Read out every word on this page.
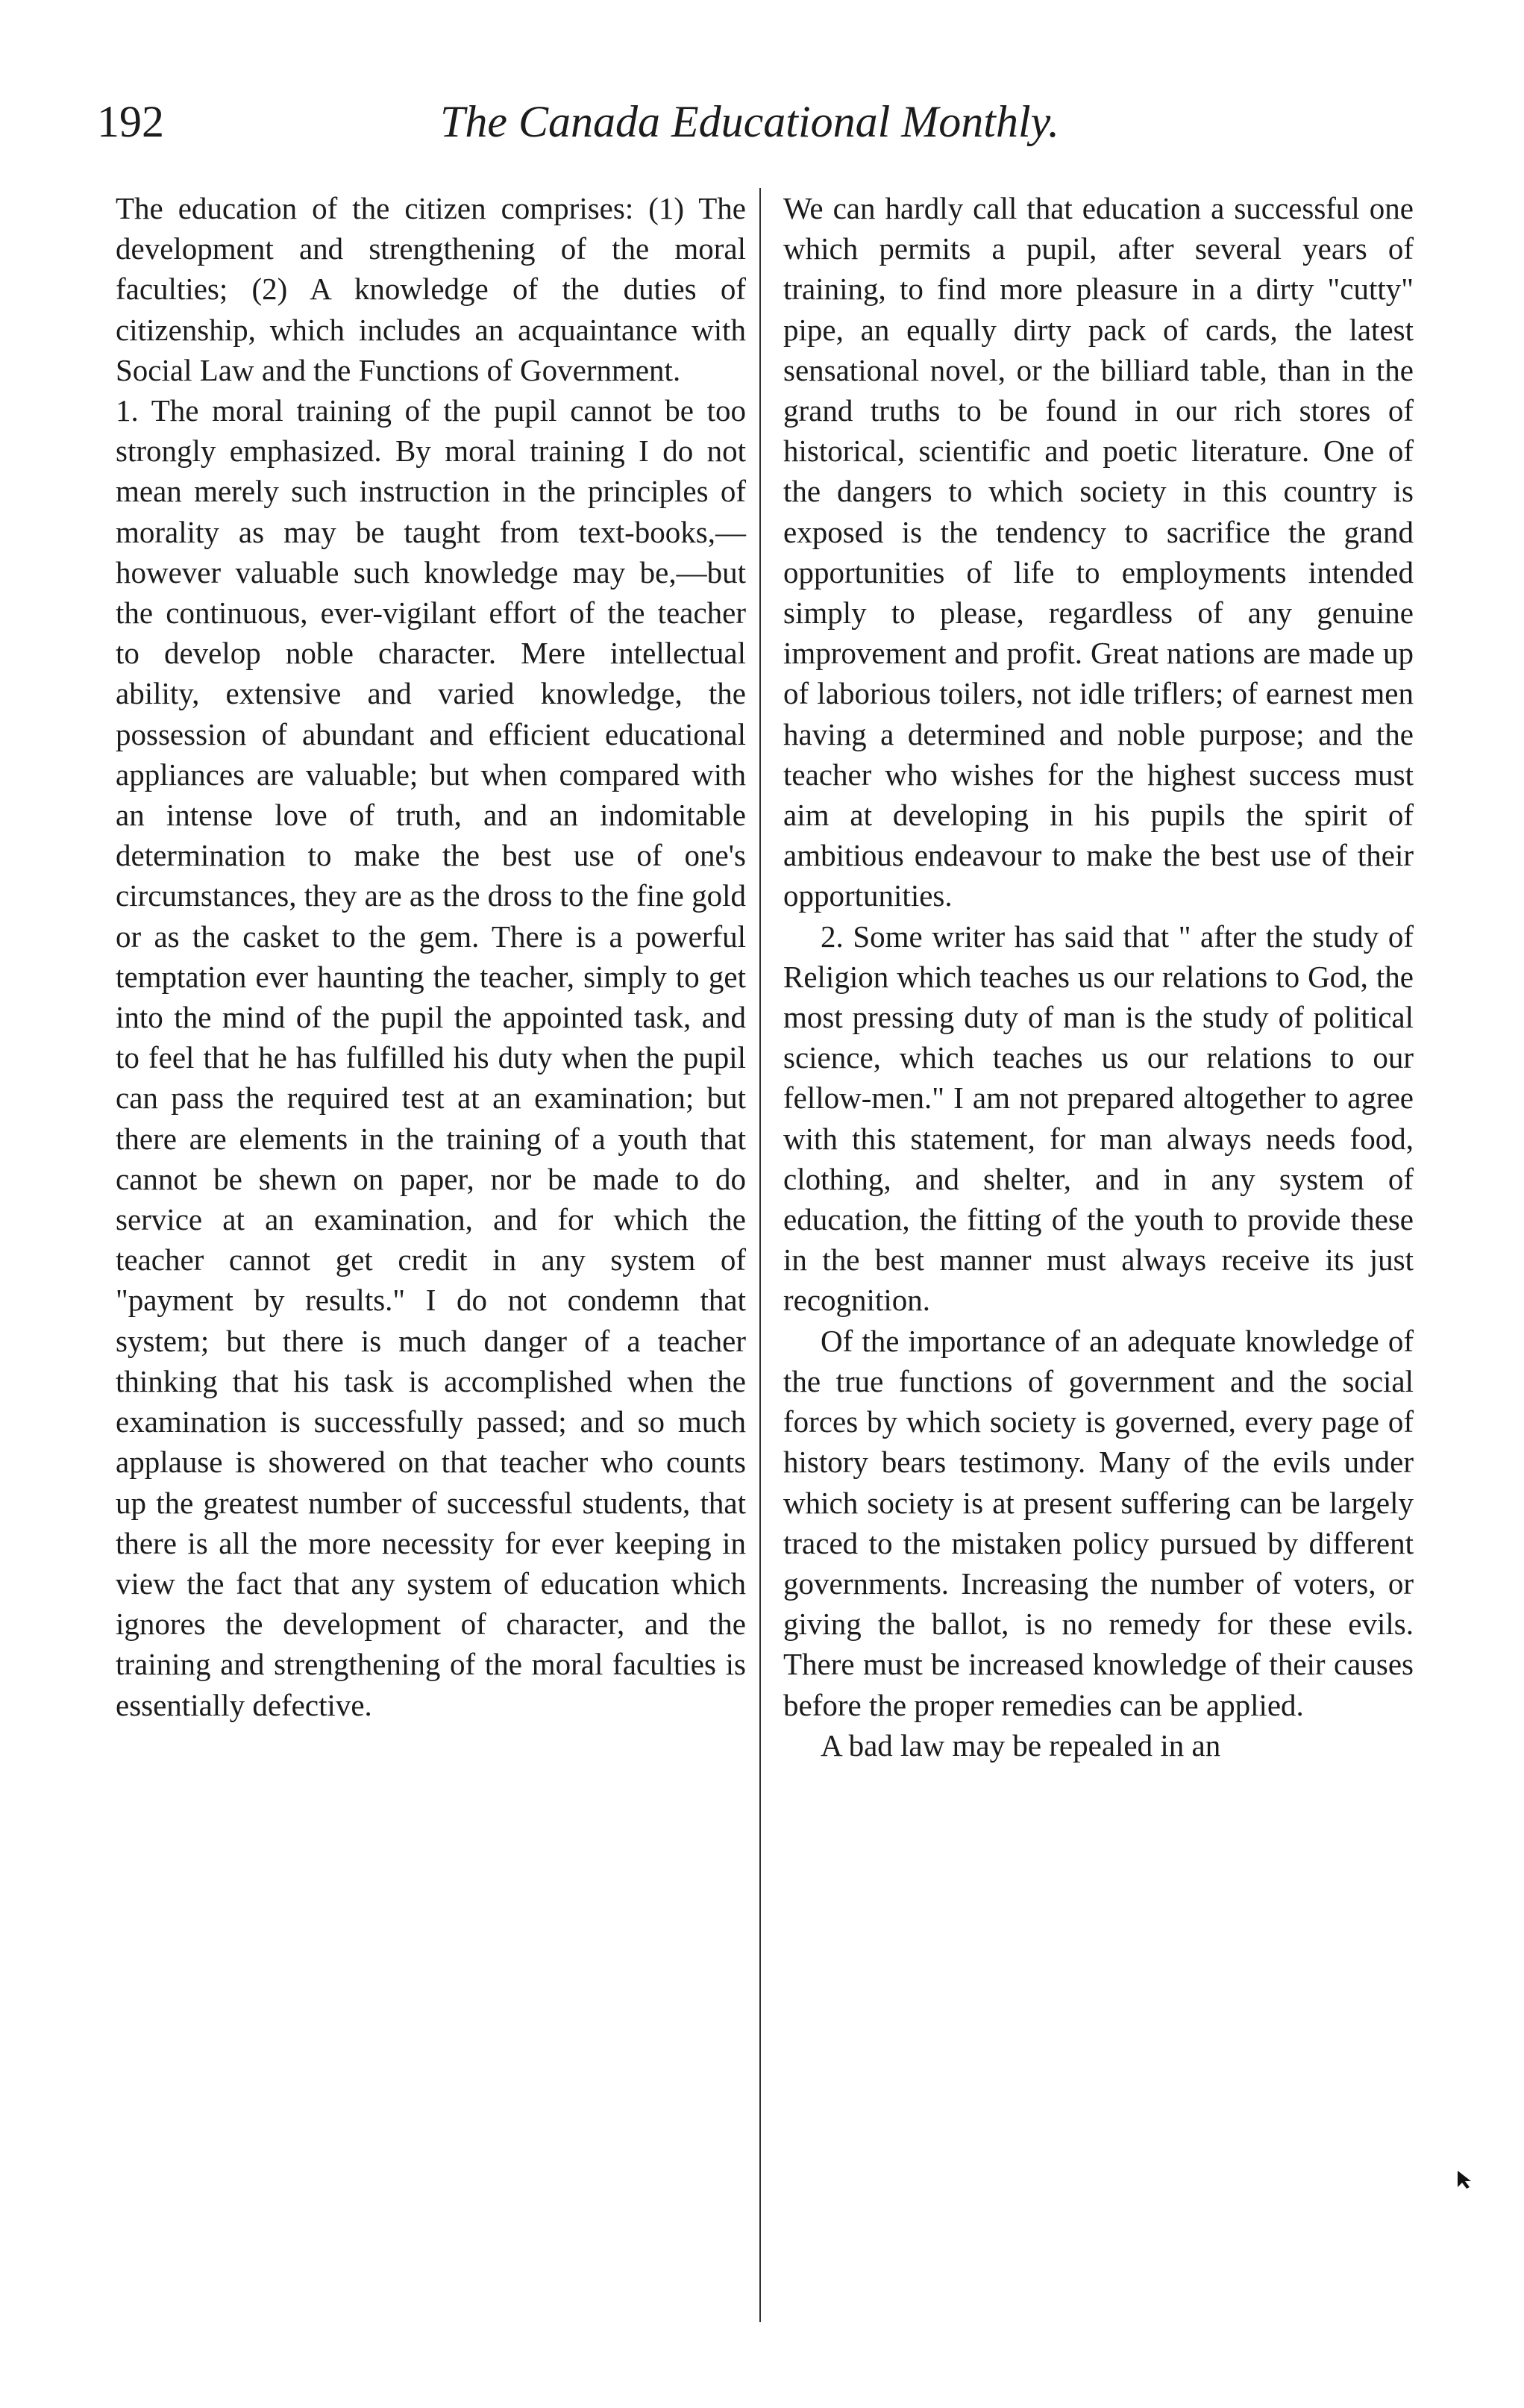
192	The Canada Educational Monthly.

The education of the citizen comprises: (1) The development and strengthening of the moral faculties; (2) A knowledge of the duties of citizenship, which includes an acquaintance with Social Law and the Functions of Government.

1. The moral training of the pupil cannot be too strongly emphasized. By moral training I do not mean merely such instruction in the principles of morality as may be taught from text-books,—however valuable such knowledge may be,—but the continuous, ever-vigilant effort of the teacher to develop noble character. Mere intellectual ability, extensive and varied knowledge, the possession of abundant and efficient educational appliances are valuable; but when compared with an intense love of truth, and an indomitable determination to make the best use of one's circumstances, they are as the dross to the fine gold or as the casket to the gem. There is a powerful temptation ever haunting the teacher, simply to get into the mind of the pupil the appointed task, and to feel that he has fulfilled his duty when the pupil can pass the required test at an examination; but there are elements in the training of a youth that cannot be shewn on paper, nor be made to do service at an examination, and for which the teacher cannot get credit in any system of "payment by results." I do not condemn that system; but there is much danger of a teacher thinking that his task is accomplished when the examination is successfully passed; and so much applause is showered on that teacher who counts up the greatest number of successful students, that there is all the more necessity for ever keeping in view the fact that any system of education which ignores the development of character, and the training and strengthening of the moral faculties is essentially defective.

We can hardly call that education a successful one which permits a pupil, after several years of training, to find more pleasure in a dirty "cutty" pipe, an equally dirty pack of cards, the latest sensational novel, or the billiard table, than in the grand truths to be found in our rich stores of historical, scientific and poetic literature. One of the dangers to which society in this country is exposed is the tendency to sacrifice the grand opportunities of life to employments intended simply to please, regardless of any genuine improvement and profit. Great nations are made up of laborious toilers, not idle triflers; of earnest men having a determined and noble purpose; and the teacher who wishes for the highest success must aim at developing in his pupils the spirit of ambitious endeavour to make the best use of their opportunities.

2. Some writer has said that " after the study of Religion which teaches us our relations to God, the most pressing duty of man is the study of political science, which teaches us our relations to our fellow-men." I am not prepared altogether to agree with this statement, for man always needs food, clothing, and shelter, and in any system of education, the fitting of the youth to provide these in the best manner must always receive its just recognition.

Of the importance of an adequate knowledge of the true functions of government and the social forces by which society is governed, every page of history bears testimony. Many of the evils under which society is at present suffering can be largely traced to the mistaken policy pursued by different governments. Increasing the number of voters, or giving the ballot, is no remedy for these evils. There must be increased knowledge of their causes before the proper remedies can be applied.

A bad law may be repealed in an
